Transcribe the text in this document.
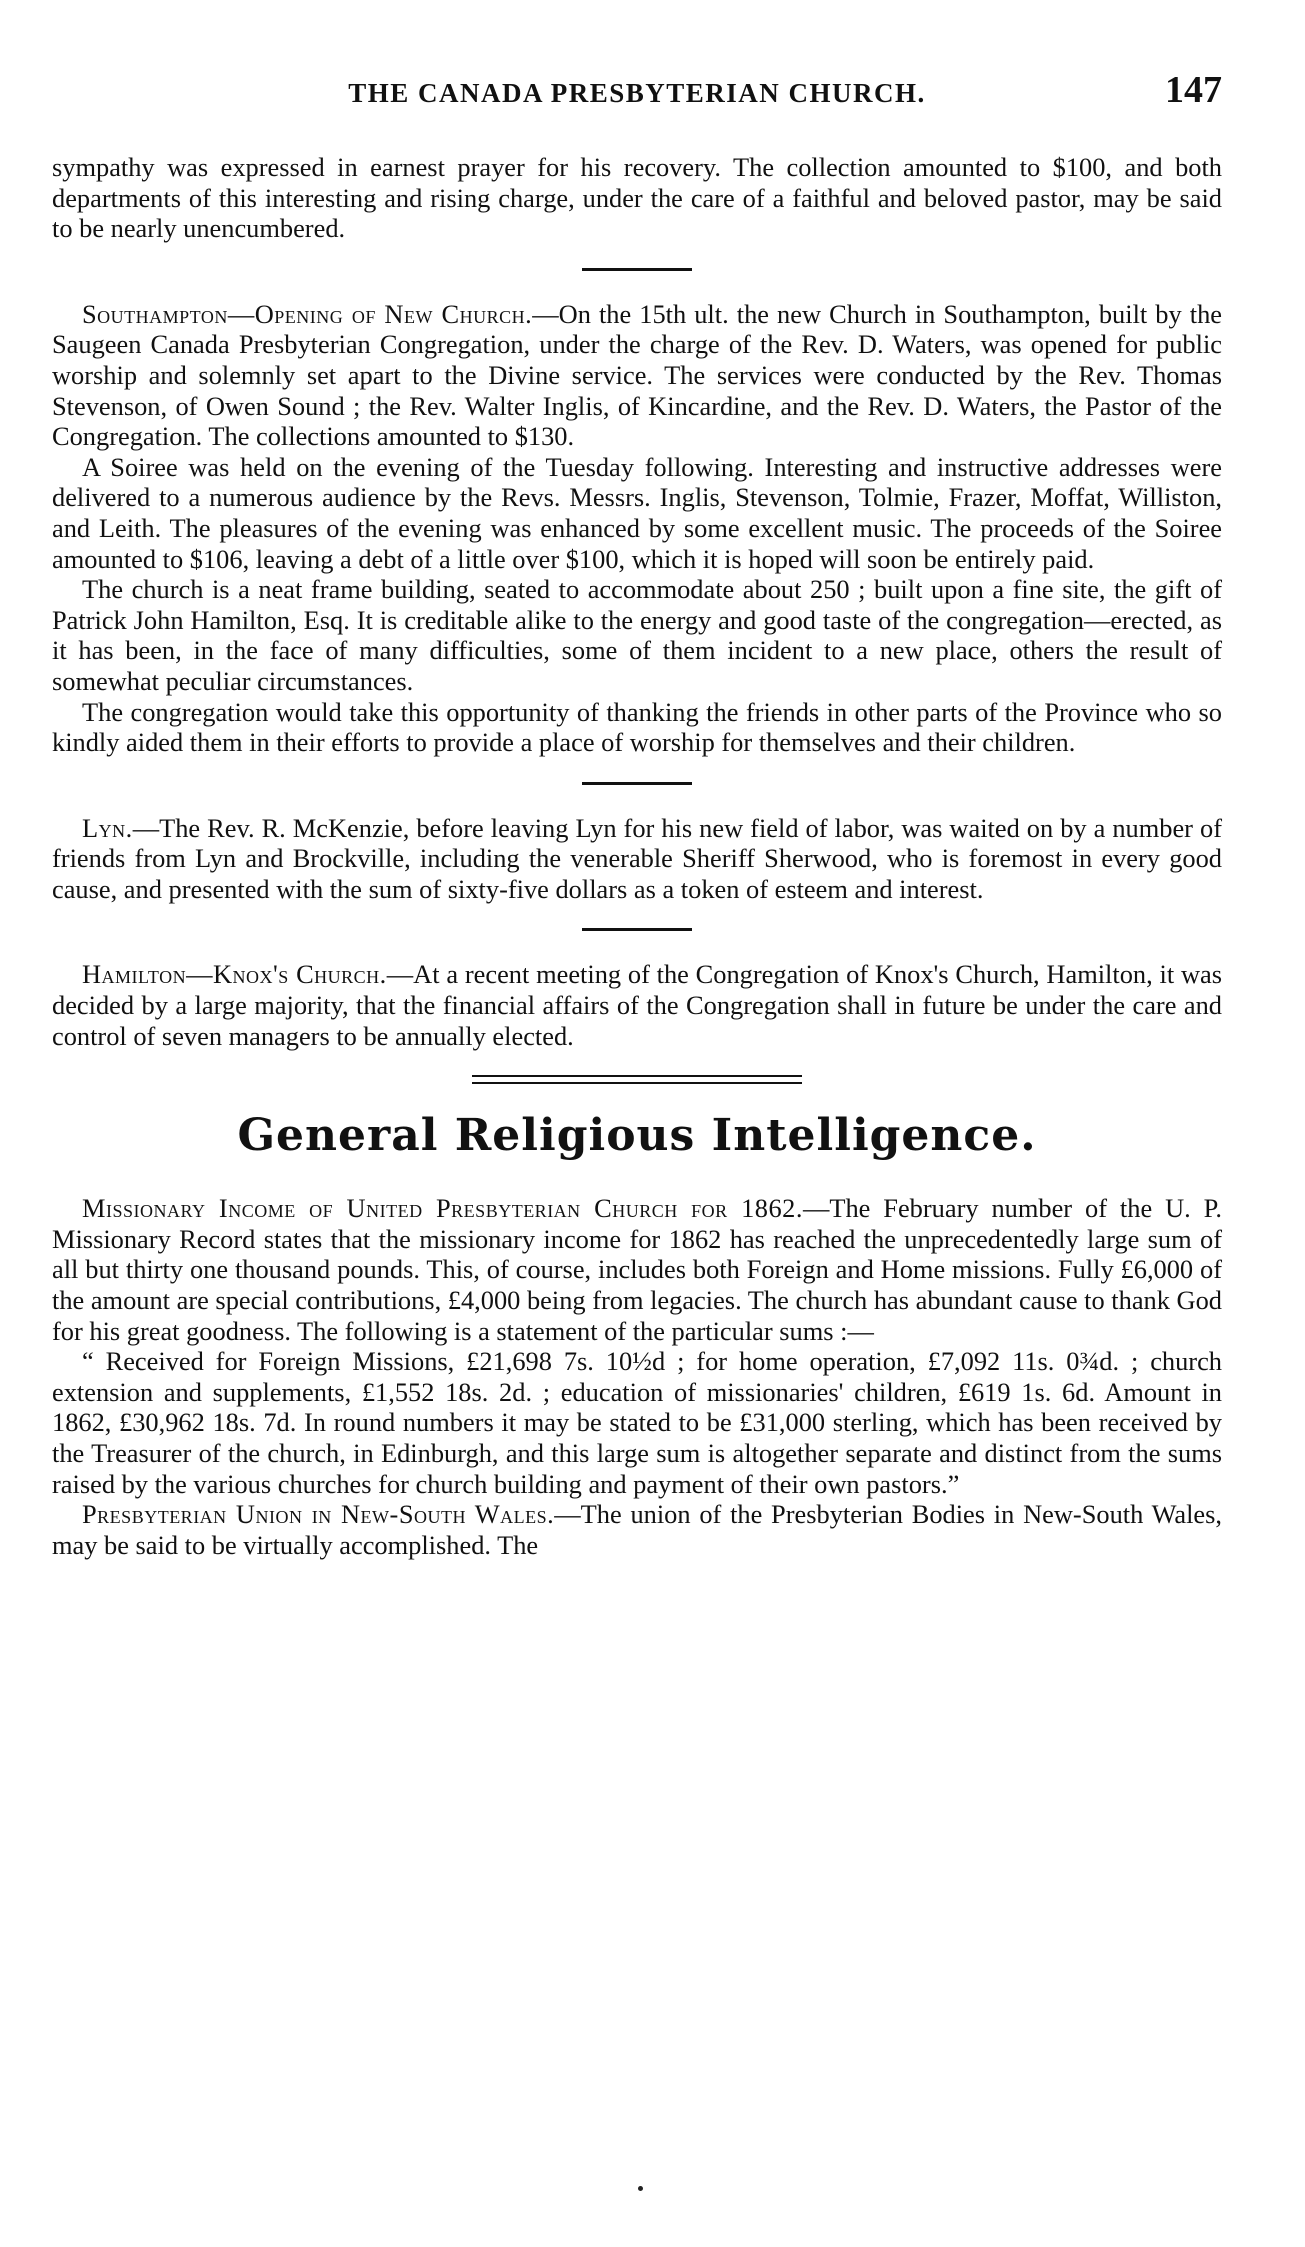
THE CANADA PRESBYTERIAN CHURCH.	147

sympathy was expressed in earnest prayer for his recovery. The collection amounted to $100, and both departments of this interesting and rising charge, under the care of a faithful and beloved pastor, may be said to be nearly unencumbered.

Southampton—Opening of New Church.—On the 15th ult. the new Church in Southampton, built by the Saugeen Canada Presbyterian Congregation, under the charge of the Rev. D. Waters, was opened for public worship and solemnly set apart to the Divine service. The services were conducted by the Rev. Thomas Stevenson, of Owen Sound ; the Rev. Walter Inglis, of Kincardine, and the Rev. D. Waters, the Pastor of the Congregation. The collections amounted to $130.

A Soiree was held on the evening of the Tuesday following. Interesting and instructive addresses were delivered to a numerous audience by the Revs. Messrs. Inglis, Stevenson, Tolmie, Frazer, Moffat, Williston, and Leith. The pleasures of the evening was enhanced by some excellent music. The proceeds of the Soiree amounted to $106, leaving a debt of a little over $100, which it is hoped will soon be entirely paid.

The church is a neat frame building, seated to accommodate about 250 ; built upon a fine site, the gift of Patrick John Hamilton, Esq. It is creditable alike to the energy and good taste of the congregation—erected, as it has been, in the face of many difficulties, some of them incident to a new place, others the result of somewhat peculiar circumstances.

The congregation would take this opportunity of thanking the friends in other parts of the Province who so kindly aided them in their efforts to provide a place of worship for themselves and their children.

Lyn.—The Rev. R. McKenzie, before leaving Lyn for his new field of labor, was waited on by a number of friends from Lyn and Brockville, including the venerable Sheriff Sherwood, who is foremost in every good cause, and presented with the sum of sixty-five dollars as a token of esteem and interest.

Hamilton—Knox's Church.—At a recent meeting of the Congregation of Knox's Church, Hamilton, it was decided by a large majority, that the financial affairs of the Congregation shall in future be under the care and control of seven managers to be annually elected.

General Religious Intelligence.

Missionary Income of United Presbyterian Church for 1862.—The February number of the U. P. Missionary Record states that the missionary income for 1862 has reached the unprecedentedly large sum of all but thirty one thousand pounds. This, of course, includes both Foreign and Home missions. Fully £6,000 of the amount are special contributions, £4,000 being from legacies. The church has abundant cause to thank God for his great goodness. The following is a statement of the particular sums :—

“ Received for Foreign Missions, £21,698 7s. 10½d ; for home operation, £7,092 11s. 0¾d. ; church extension and supplements, £1,552 18s. 2d. ; education of missionaries' children, £619 1s. 6d. Amount in 1862, £30,962 18s. 7d. In round numbers it may be stated to be £31,000 sterling, which has been received by the Treasurer of the church, in Edinburgh, and this large sum is altogether separate and distinct from the sums raised by the various churches for church building and payment of their own pastors.”

Presbyterian Union in New-South Wales.—The union of the Presbyterian Bodies in New-South Wales, may be said to be virtually accomplished. The
